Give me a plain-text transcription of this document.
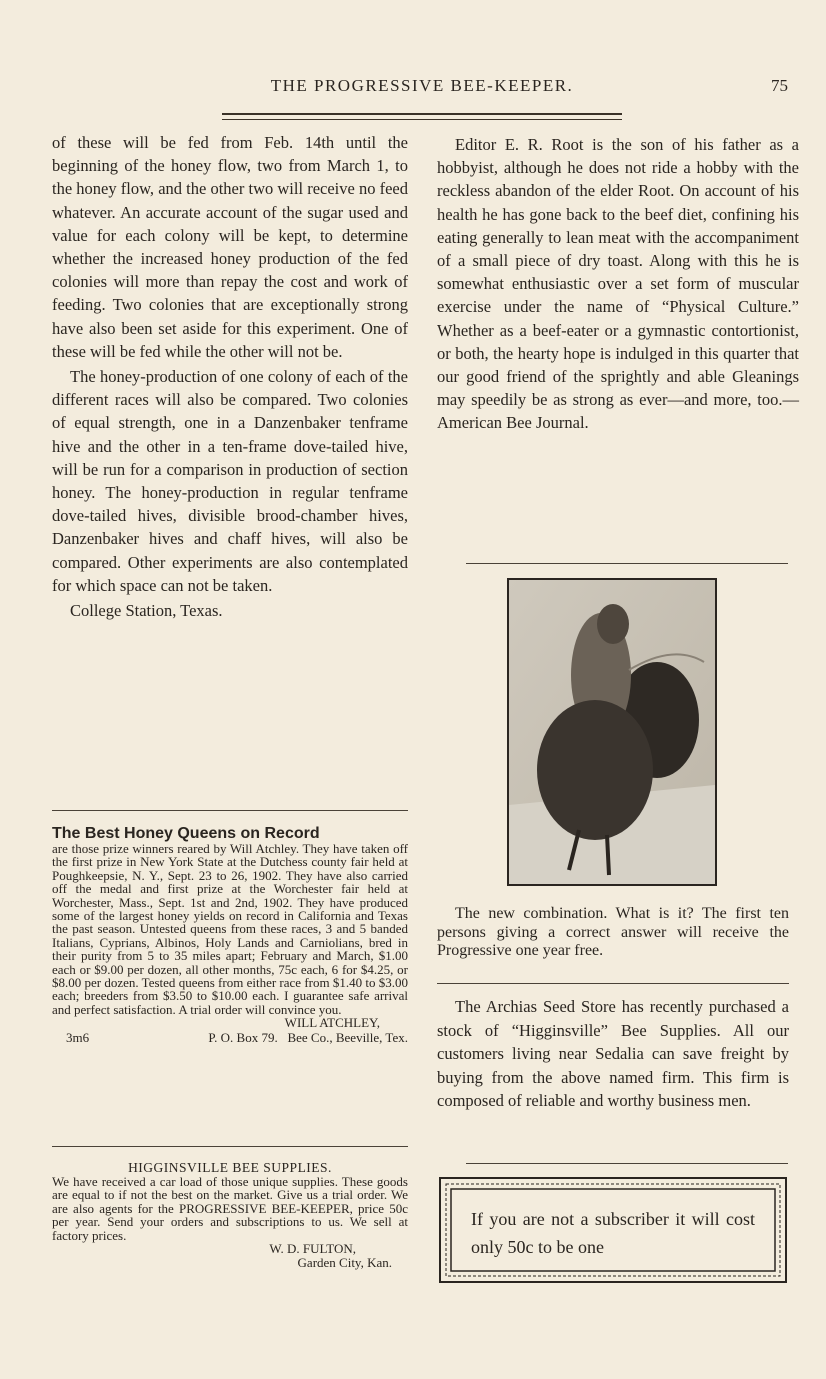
THE PROGRESSIVE BEE-KEEPER.	75

of these will be fed from Feb. 14th until the beginning of the honey flow, two from March 1, to the honey flow, and the other two will receive no feed whatever. An accurate account of the sugar used and value for each colony will be kept, to determine whether the increased honey production of the fed colonies will more than repay the cost and work of feeding. Two colonies that are exceptionally strong have also been set aside for this experiment. One of these will be fed while the other will not be.

The honey-production of one colony of each of the different races will also be compared. Two colonies of equal strength, one in a Danzenbaker tenframe hive and the other in a ten-frame dove-tailed hive, will be run for a comparison in production of section honey. The honey-production in regular tenframe dove-tailed hives, divisible brood-chamber hives, Danzenbaker hives and chaff hives, will also be compared. Other experiments are also contemplated for which space can not be taken.

College Station, Texas.

The Best Honey Queens on Record

are those prize winners reared by Will Atchley. They have taken off the first prize in New York State at the Dutchess county fair held at Poughkeepsie, N. Y., Sept. 23 to 26, 1902. They have also carried off the medal and first prize at the Worchester fair held at Worchester, Mass., Sept. 1st and 2nd, 1902. They have produced some of the largest honey yields on record in California and Texas the past season. Untested queens from these races, 3 and 5 banded Italians, Cyprians, Albinos, Holy Lands and Carniolians, bred in their purity from 5 to 35 miles apart; February and March, $1.00 each or $9.00 per dozen, all other months, 75c each, 6 for $4.25, or $8.00 per dozen. Tested queens from either race from $1.40 to $3.00 each; breeders from $3.50 to $10.00 each. I guarantee safe arrival and perfect satisfaction. A trial order will convince you.

WILL ATCHLEY,
3m6	P. O. Box 79.   Bee Co., Beeville, Tex.
HIGGINSVILLE BEE SUPPLIES.

We have received a car load of those unique supplies. These goods are equal to if not the best on the market. Give us a trial order. We are also agents for the PROGRESSIVE BEE-KEEPER, price 50c per year. Send your orders and subscriptions to us. We sell at factory prices.

W. D. FULTON,
Garden City, Kan.

Editor E. R. Root is the son of his father as a hobbyist, although he does not ride a hobby with the reckless abandon of the elder Root. On account of his health he has gone back to the beef diet, confining his eating generally to lean meat with the accompaniment of a small piece of dry toast. Along with this he is somewhat enthusiastic over a set form of muscular exercise under the name of “Physical Culture.” Whether as a beef-eater or a gymnastic contortionist, or both, the hearty hope is indulged in this quarter that our good friend of the sprightly and able Gleanings may speedily be as strong as ever—and more, too.—American Bee Journal.

The new combination. What is it? The first ten persons giving a correct answer will receive the Progressive one year free.

The Archias Seed Store has recently purchased a stock of “Higginsville” Bee Supplies. All our customers living near Sedalia can save freight by buying from the above named firm. This firm is composed of reliable and worthy business men.

If you are not a subscriber it will cost only 50c to be one
